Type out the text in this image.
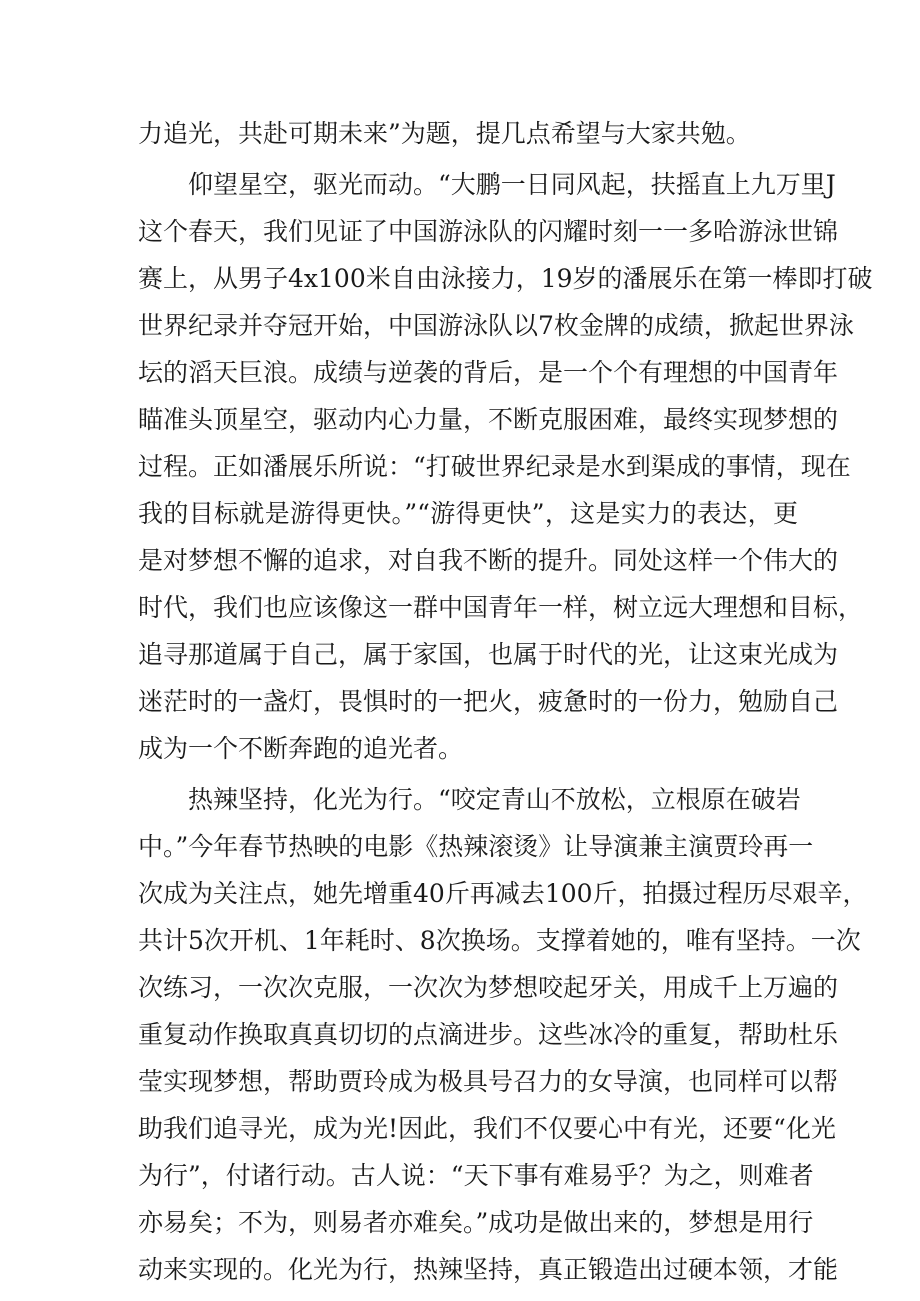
力追光，共赴可期未来”为题，提几点希望与大家共勉。
仰望星空，驱光而动。“大鹏一日同风起，扶摇直上九万里J
这个春天，我们见证了中国游泳队的闪耀时刻一一多哈游泳世锦
赛上，从男子4x100米自由泳接力，19岁的潘展乐在第一棒即打破
世界纪录并夺冠开始，中国游泳队以7枚金牌的成绩，掀起世界泳
坛的滔天巨浪。成绩与逆袭的背后，是一个个有理想的中国青年
瞄准头顶星空，驱动内心力量，不断克服困难，最终实现梦想的
过程。正如潘展乐所说：“打破世界纪录是水到渠成的事情，现在
我的目标就是游得更快。”“游得更快”，这是实力的表达，更
是对梦想不懈的追求，对自我不断的提升。同处这样一个伟大的
时代，我们也应该像这一群中国青年一样，树立远大理想和目标，
追寻那道属于自己，属于家国，也属于时代的光，让这束光成为
迷茫时的一盏灯，畏惧时的一把火，疲惫时的一份力，勉励自己
成为一个不断奔跑的追光者。
热辣坚持，化光为行。“咬定青山不放松，立根原在破岩
中。”今年春节热映的电影《热辣滚烫》让导演兼主演贾玲再一
次成为关注点，她先增重40斤再减去100斤，拍摄过程历尽艰辛，
共计5次开机、1年耗时、8次换场。支撑着她的，唯有坚持。一次
次练习，一次次克服，一次次为梦想咬起牙关，用成千上万遍的
重复动作换取真真切切的点滴进步。这些冰冷的重复，帮助杜乐
莹实现梦想，帮助贾玲成为极具号召力的女导演，也同样可以帮
助我们追寻光，成为光!因此，我们不仅要心中有光，还要“化光
为行”，付诸行动。古人说：“天下事有难易乎？为之，则难者
亦易矣；不为，则易者亦难矣。”成功是做出来的，梦想是用行
动来实现的。化光为行，热辣坚持，真正锻造出过硬本领，才能
